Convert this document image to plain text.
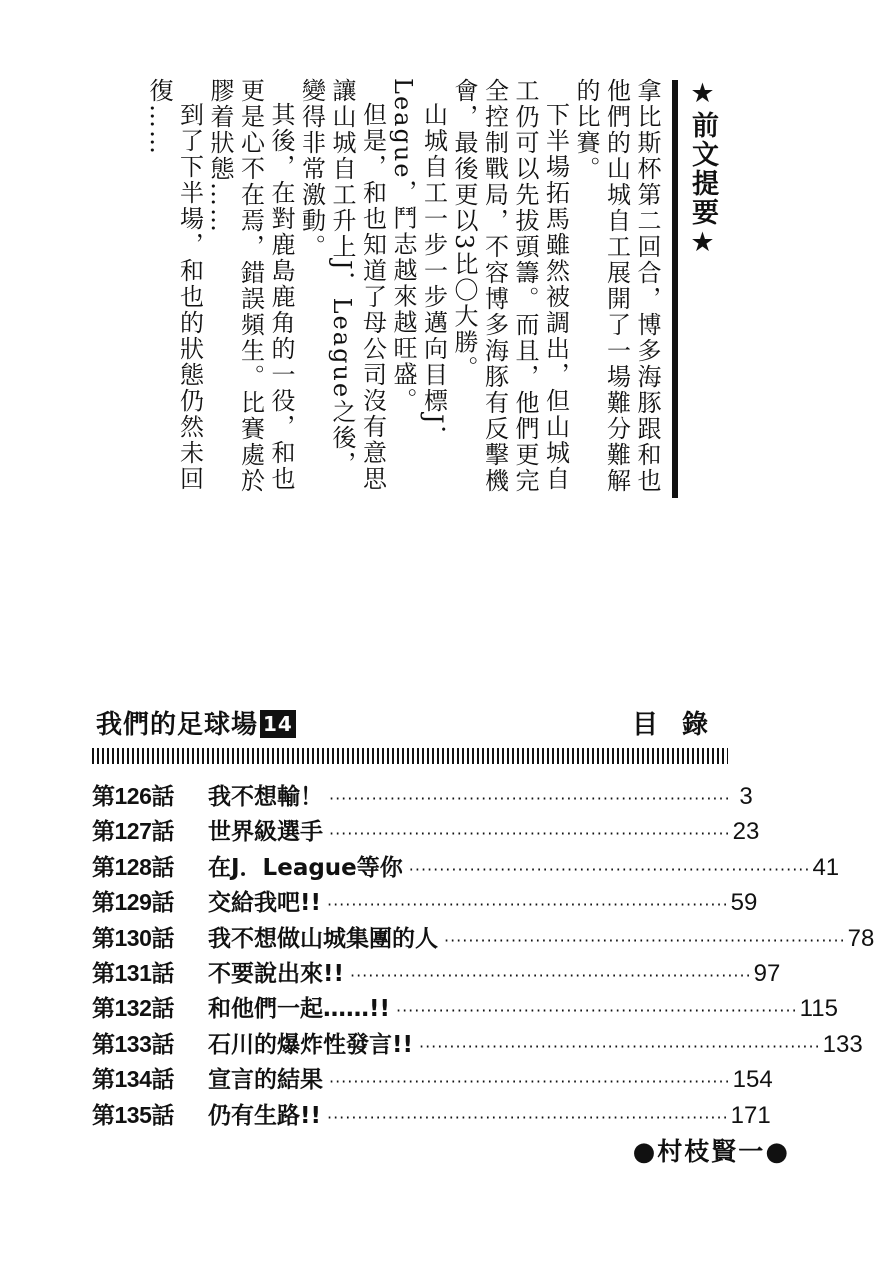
★前文提要★

拿比斯杯第二回合，博多海豚跟和也他們的山城自工展開了一場難分難解的比賽。

下半場拓馬雖然被調出，但山城自工仍可以先拔頭籌。而且，他們更完全控制戰局，不容博多海豚有反擊機會，最後更以3比〇大勝。

山城自工一步一步邁向目標J．League，鬥志越來越旺盛。

但是，和也知道了母公司沒有意思讓山城自工升上J．League之後，變得非常激動。

其後，在對鹿島鹿角的一役，和也更是心不在焉，錯誤頻生。比賽處於膠着狀態……

到了下半場，和也的狀態仍然未回復……

我們的足球場 14	目錄
第126話	我不想輸！ ·································································· 3
第127話	世界級選手 ·································································· 23
第128話	在J．League等你 ·································································· 41
第129話	交給我吧!! ·································································· 59
第130話	我不想做山城集團的人 ·································································· 78
第131話	不要說出來!! ·································································· 97
第132話	和他們一起……!! ·································································· 115
第133話	石川的爆炸性發言!! ·································································· 133
第134話	宣言的結果 ·································································· 154
第135話	仍有生路!! ·································································· 171
●村枝賢一●
